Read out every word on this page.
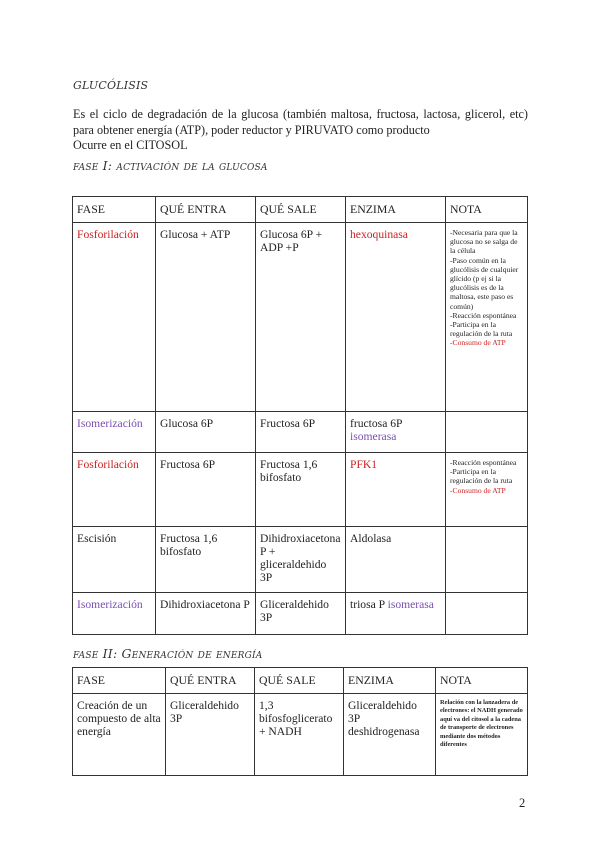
glucólisis

Es el ciclo de degradación de la glucosa (también maltosa, fructosa, lactosa, glicerol, etc) para obtener energía (ATP), poder reductor y PIRUVATO como producto

Ocurre en el CITOSOL

fase I: activación de la glucosa
FASE	QUÉ ENTRA	QUÉ SALE	ENZIMA	NOTA
Fosforilación	Glucosa + ATP	Glucosa 6P + ADP +P	hexoquinasa	-Necesaria para que la glucosa no se salga de la célula
-Paso común en la glucólisis de cualquier glícido (p ej si la glucólisis es de la maltosa, este paso es común)
-Reacción espontánea
-Participa en la regulación de la ruta
-Consumo de ATP

Isomerización	Glucosa 6P	Fructosa 6P	fructosa 6P
isomerasa	

Fosforilación	Fructosa 6P	Fructosa 1,6 bifosfato	PFK1	-Reacción espontánea
-Participa en la regulación de la ruta
-Consumo de ATP

Escisión	Fructosa 1,6 bifosfato	Dihidroxiacetona P + gliceraldehido 3P	Aldolasa	
Isomerización	Dihidroxiacetona P	Gliceraldehido 3P	triosa P isomerasa	
fase II: Generación de energía
FASE	QUÉ ENTRA	QUÉ SALE	ENZIMA	NOTA
Creación de un compuesto de alta energía	Gliceraldehido 3P	1,3 bifosfoglicerato + NADH	Gliceraldehido 3P deshidrogenasa	Relación con la lanzadera de electrones: el NADH generado aquí va del citosol a la cadena de transporte de electrones mediante dos métodos diferentes
2
